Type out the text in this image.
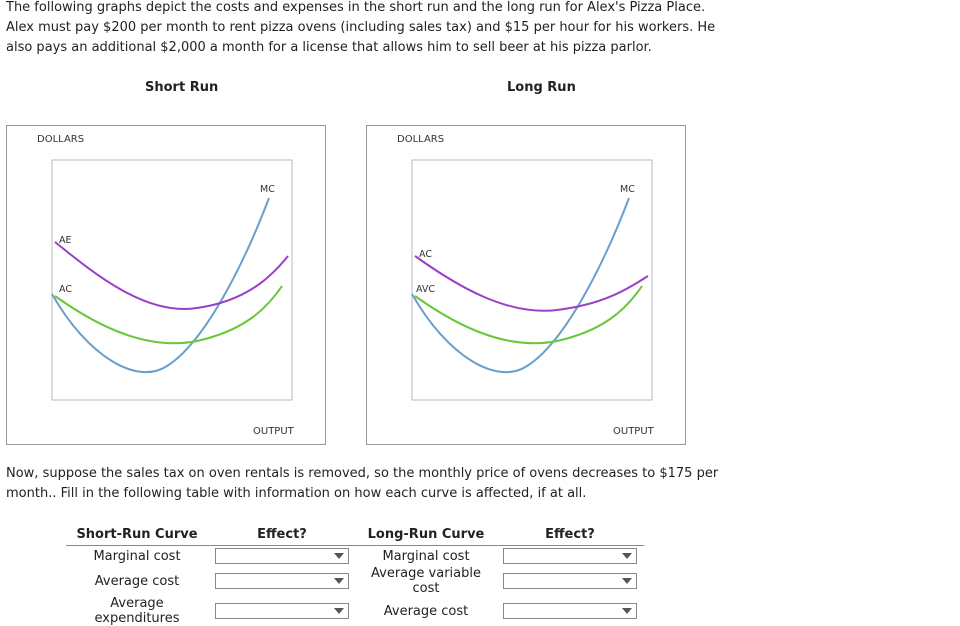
The following graphs depict the costs and expenses in the short run and the long run for Alex's Pizza Place. Alex must pay $200 per month to rent pizza ovens (including sales tax) and $15 per hour for his workers. He also pays an additional $2,000 a month for a license that allows him to sell beer at his pizza parlor.

Short Run	Long Run
DOLLARS
OUTPUT
MC
AE
AC
DOLLARS
OUTPUT
MC
AC
AVC

Now, suppose the sales tax on oven rentals is removed, so the monthly price of ovens decreases to $175 per month.. Fill in the following table with information on how each curve is affected, if at all.

Short-Run Curve	Effect?	Long-Run Curve	Effect?
Marginal cost		Marginal cost	

Average cost		Average variable cost	

Average expenditures		Average cost	
